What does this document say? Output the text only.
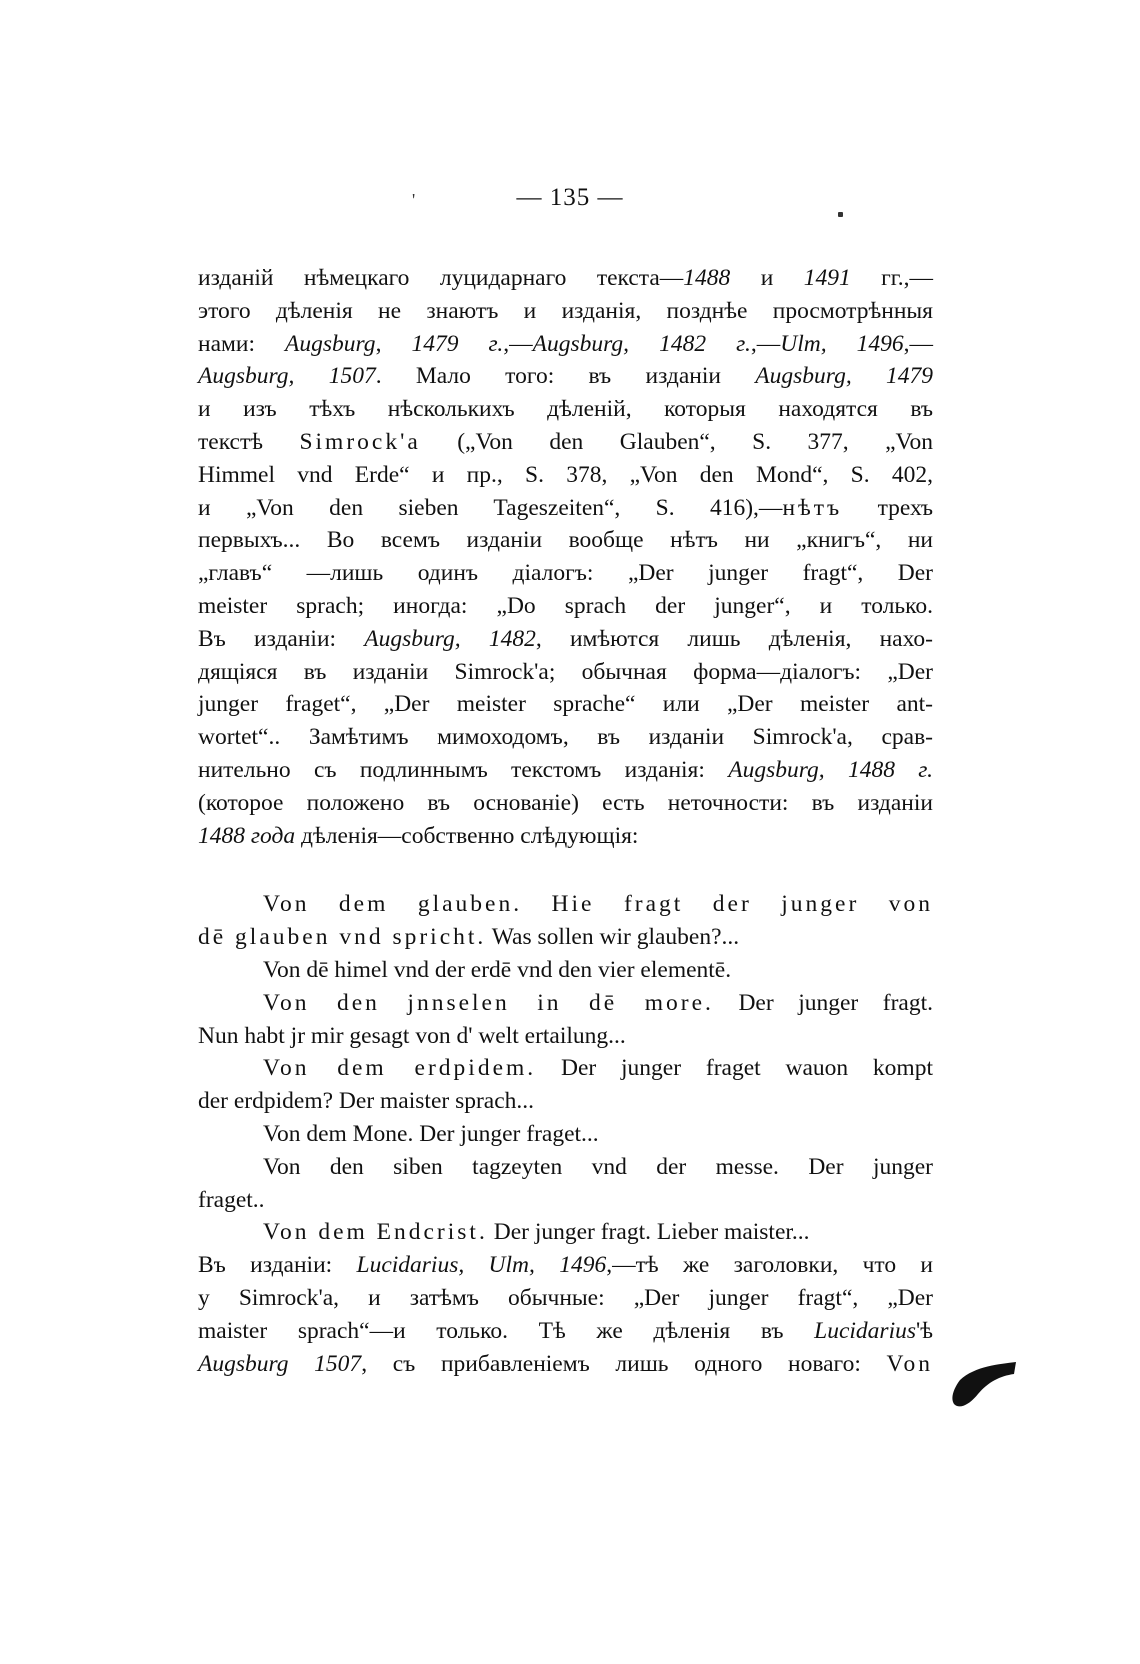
'	— 135 —
изданiй нѣмецкаго луцидарнаго текста—1488 и 1491 гг.,—
этого дѣленiя не знаютъ и изданiя, позднѣе просмотрѣнныя
нами: Augsburg, 1479 г.,—Augsburg, 1482 г.,—Ulm, 1496,—
Augsburg, 1507. Мало того: въ изданiи Augsburg, 1479
и изъ тѣхъ нѣсколькихъ дѣленiй, которыя находятся въ
текстѣ Simrock'a („Von den Glauben“, S. 377, „Von
Himmel vnd Erde“ и пр., S. 378, „Von den Mond“, S. 402,
и „Von den sieben Tageszeiten“, S. 416),—нѣтъ трехъ
первыхъ... Во всемъ изданiи вообще нѣтъ ни „книгъ“, ни
„главъ“ —лишь одинъ дiалогъ: „Der junger fragt“, Der
meister sprach; иногда: „Do sprach der junger“, и только.
Въ изданiи: Augsburg, 1482, имѣются лишь дѣленiя, нахо-
дящiяся въ изданiи Simrock'a; обычная форма—дiалогъ: „Der
junger fraget“, „Der meister sprache“ или „Der meister ant-
wortet“.. Замѣтимъ мимоходомъ, въ изданiи Simrock'a, срав-
нительно съ подлиннымъ текстомъ изданiя: Augsburg, 1488 г.
(которое положено въ основанiе) есть неточности: въ изданiи
1488 года дѣленiя—собственно слѣдующiя:
Von dem glauben. Hie fragt der junger von
dē glauben vnd spricht. Was sollen wir glauben?...
Von dē himel vnd der erdē vnd den vier elementē.
Von den jnnselen in dē more. Der junger fragt.
Nun habt jr mir gesagt von d' welt ertailung...
Von dem erdpidem. Der junger fraget wauon kompt
der erdpidem? Der maister sprach...
Von dem Mone. Der junger fraget...
Von den siben tagzeyten vnd der messe. Der junger
fraget..
Von dem Endcrist. Der junger fragt. Lieber maister...
Въ изданiи: Lucidarius, Ulm, 1496,—тѣ же заголовки, что и
у Simrock'a, и затѣмъ обычные: „Der junger fragt“, „Der
maister sprach“—и только. Тѣ же дѣленiя въ Lucidarius'ѣ
Augsburg 1507, съ прибавленiемъ лишь одного новаго: Von
